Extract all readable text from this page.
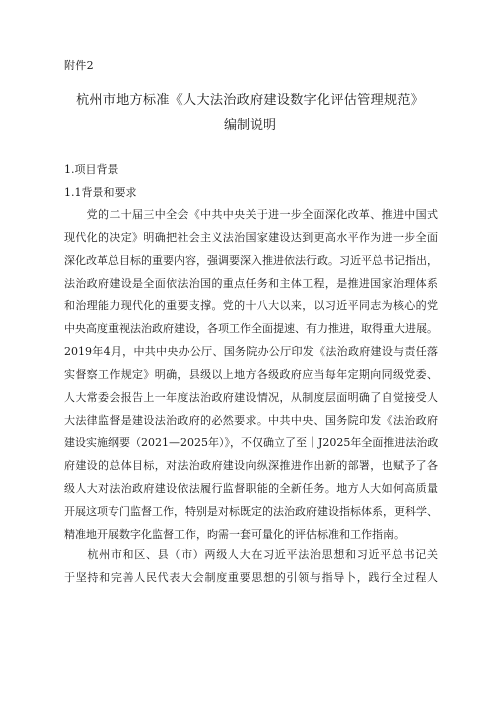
附件2
杭州市地方标准《人大法治政府建设数字化评估管理规范》
编制说明
1.项目背景
1.1背景和要求
　　党的二十届三中全会《中共中央关于进一步全面深化改革、推进中国式
现代化的决定》明确把社会主义法治国家建设达到更高水平作为进一步全面
深化改革总目标的重要内容，强调要深入推进依法行政。习近平总书记指出，
法治政府建设是全面依法治国的重点任务和主体工程，是推进国家治理体系
和治理能力现代化的重要支撑。党的十八大以来，以习近平同志为核心的党
中央高度重视法治政府建设，各项工作全面提速、有力推进，取得重大进展。
2019年4月，中共中央办公厅、国务院办公厅印发《法治政府建设与责任落
实督察工作规定》明确，县级以上地方各级政府应当每年定期向同级党委、
人大常委会报告上一年度法治政府建设情况，从制度层面明确了自觉接受人
大法律监督是建设法治政府的必然要求。中共中央、国务院印发《法治政府
建设实施纲要（2021—2025年）》，不仅确立了至｜J2025年全面推进法治政
府建设的总体目标，对法治政府建设向纵深推进作出新的部署，也赋予了各
级人大对法治政府建设依法履行监督职能的全新任务。地方人大如何高质量
开展这项专门监督工作，特别是对标既定的法治政府建设指标体系，更科学、
精准地开展数字化监督工作，昀需一套可量化的评估标准和工作指南。
　　杭州市和区、县（市）两级人大在习近平法治思想和习近平总书记关
于坚持和完善人民代表大会制度重要思想的引领与指导卜，践行全过程人
